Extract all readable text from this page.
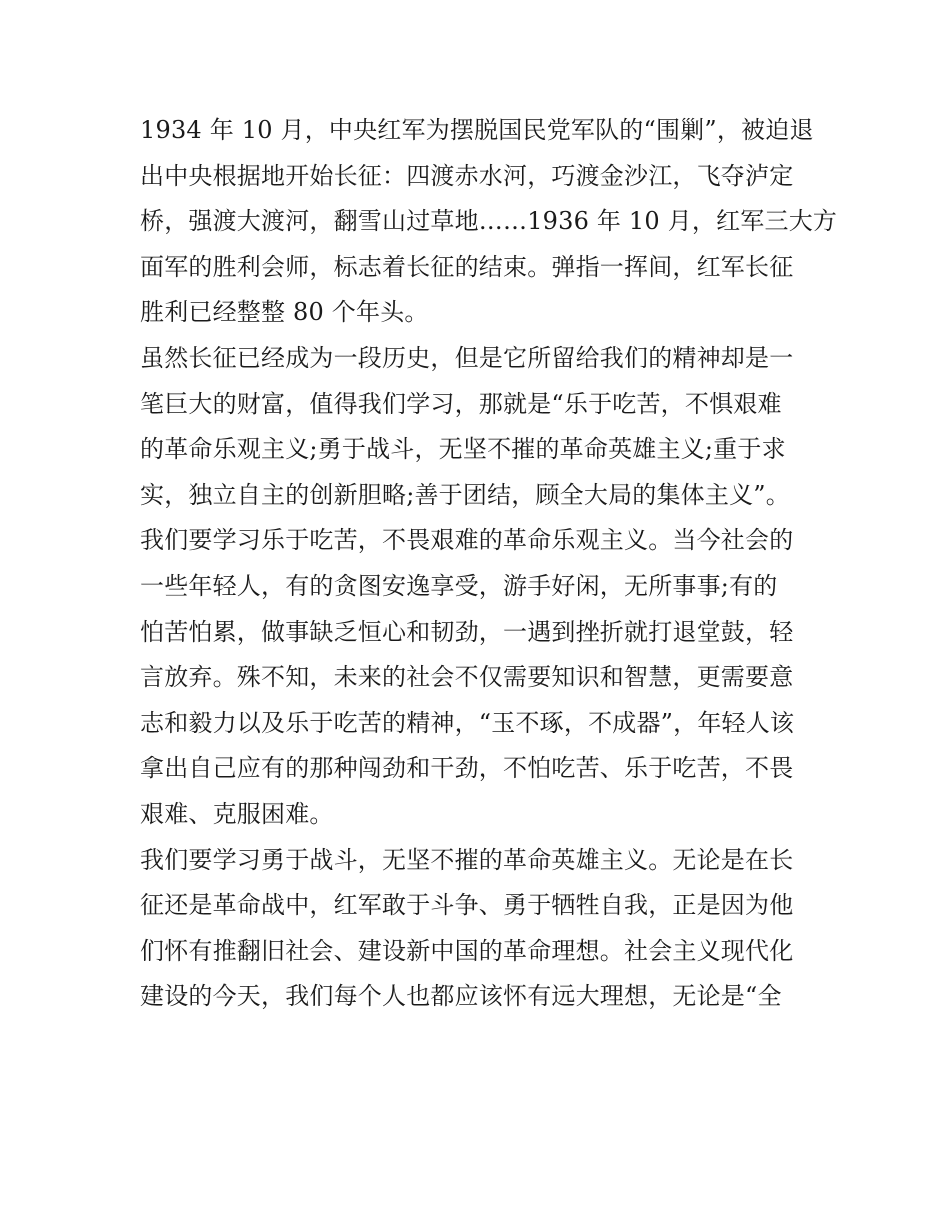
1934 年 10 月，中央红军为摆脱国民党军队的“围剿”，被迫退
出中央根据地开始长征：四渡赤水河，巧渡金沙江，飞夺泸定
桥，强渡大渡河，翻雪山过草地……1936 年 10 月，红军三大方
面军的胜利会师，标志着长征的结束。弹指一挥间，红军长征
胜利已经整整 80 个年头。
虽然长征已经成为一段历史，但是它所留给我们的精神却是一
笔巨大的财富，值得我们学习，那就是“乐于吃苦，不惧艰难
的革命乐观主义;勇于战斗，无坚不摧的革命英雄主义;重于求
实，独立自主的创新胆略;善于团结，顾全大局的集体主义”。
我们要学习乐于吃苦，不畏艰难的革命乐观主义。当今社会的
一些年轻人，有的贪图安逸享受，游手好闲，无所事事;有的
怕苦怕累，做事缺乏恒心和韧劲，一遇到挫折就打退堂鼓，轻
言放弃。殊不知，未来的社会不仅需要知识和智慧，更需要意
志和毅力以及乐于吃苦的精神，“玉不琢，不成器”，年轻人该
拿出自己应有的那种闯劲和干劲，不怕吃苦、乐于吃苦，不畏
艰难、克服困难。
我们要学习勇于战斗，无坚不摧的革命英雄主义。无论是在长
征还是革命战中，红军敢于斗争、勇于牺牲自我，正是因为他
们怀有推翻旧社会、建设新中国的革命理想。社会主义现代化
建设的今天，我们每个人也都应该怀有远大理想，无论是“全
